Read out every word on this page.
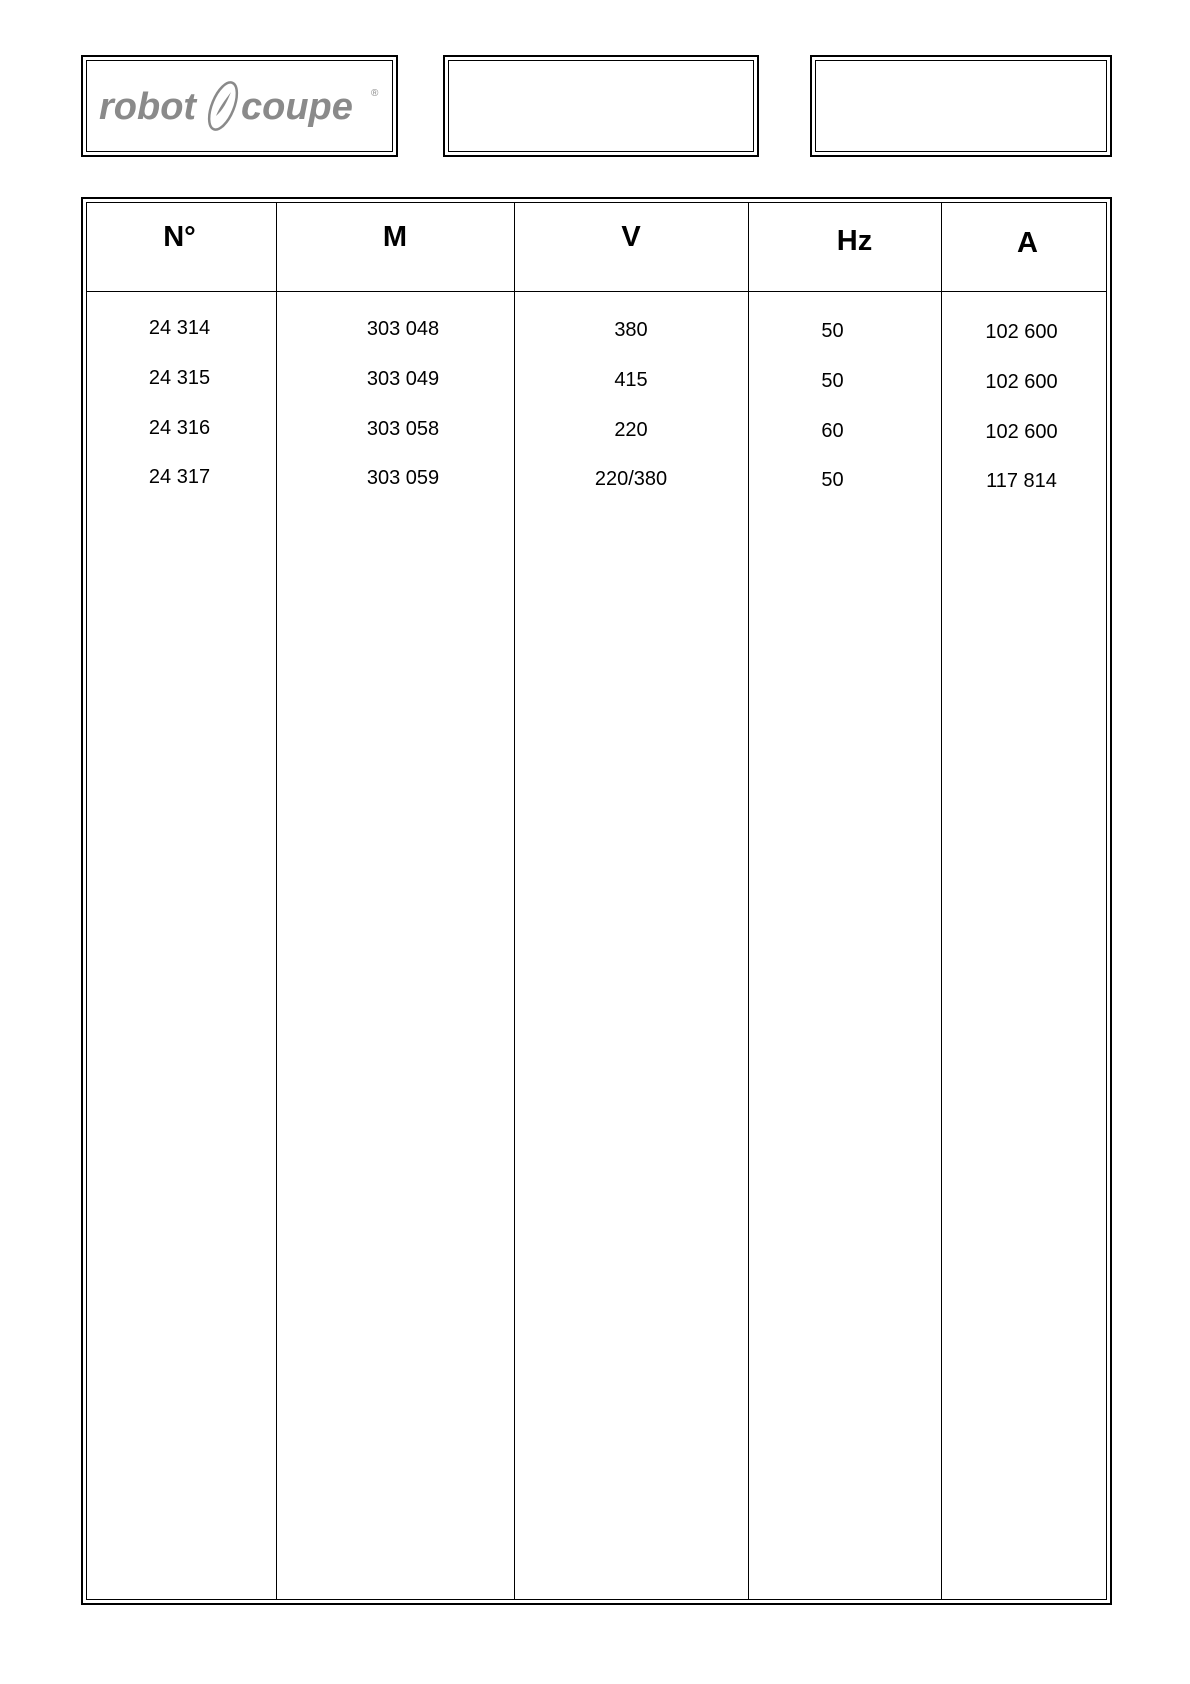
robot coupe ®
N°
24 314
24 315
24 316
24 317
M
303 048
303 049
303 058
303 059
V
380
415
220
220/380
Hz
50
50
60
50
A
102 600
102 600
102 600
117 814
